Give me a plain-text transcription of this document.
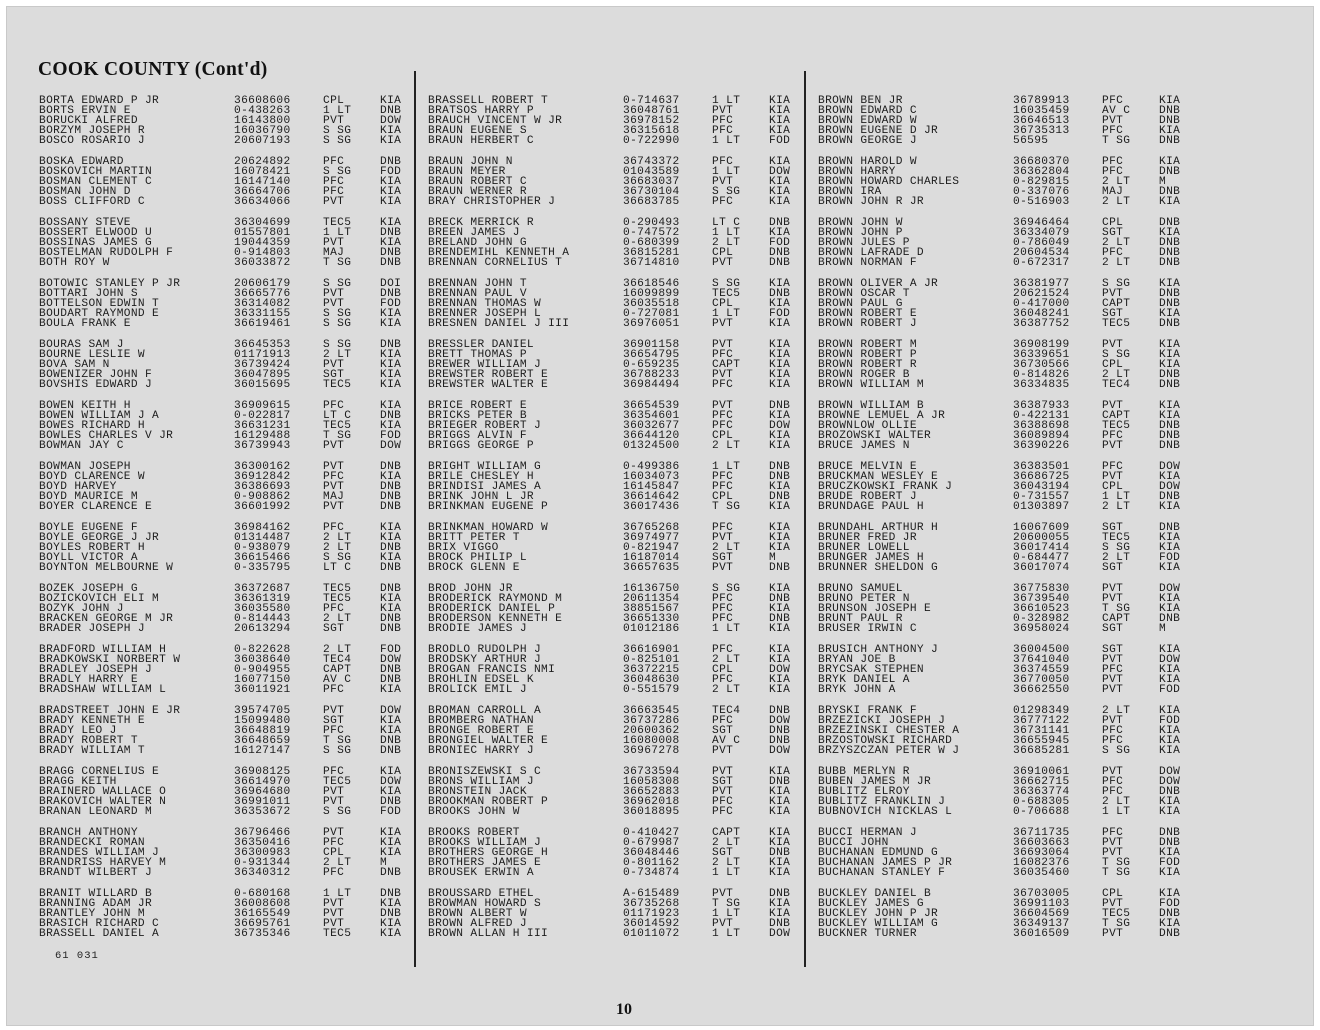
COOK COUNTY (Cont'd)
BORTA EDWARD P JR	36608606	CPL	KIA
BORTS ERVIN E	0-438263	1 LT	DNB
BORUCKI ALFRED	16143800	PVT	DOW
BORZYM JOSEPH R	16036790	S SG	KIA
BOSCO ROSARIO J	20607193	S SG	KIA
BOSKA EDWARD	20624892	PFC	DNB
BOSKOVICH MARTIN	16078421	S SG	FOD
BOSMAN CLEMENT C	16147140	PFC	KIA
BOSMAN JOHN D	36664706	PFC	KIA
BOSS CLIFFORD C	36634066	PVT	KIA
BOSSANY STEVE	36304699	TEC5	KIA
BOSSERT ELWOOD U	01557801	1 LT	DNB
BOSSINAS JAMES G	19044359	PVT	KIA
BOSTELMAN RUDOLPH F	0-914803	MAJ	DNB
BOTH ROY W	36033872	T SG	DNB
BOTOWIC STANLEY P JR	20606179	S SG	DOI
BOTTARI JOHN S	36665776	PVT	DNB
BOTTELSON EDWIN T	36314082	PVT	FOD
BOUDART RAYMOND E	36331155	S SG	KIA
BOULA FRANK E	36619461	S SG	KIA
BOURAS SAM J	36645353	S SG	DNB
BOURNE LESLIE W	01171913	2 LT	KIA
BOVA SAM N	36739424	PVT	KIA
BOWENIZER JOHN F	36047895	SGT	KIA
BOVSHIS EDWARD J	36015695	TEC5	KIA
BOWEN KEITH H	36909615	PFC	KIA
BOWEN WILLIAM J A	0-022817	LT C	DNB
BOWES RICHARD H	36631231	TEC5	KIA
BOWLES CHARLES V JR	16129488	T SG	FOD
BOWMAN JAY C	36739943	PVT	DOW
BOWMAN JOSEPH	36300162	PVT	DNB
BOYD CLARENCE W	36912842	PFC	KIA
BOYD HARVEY	36386693	PVT	DNB
BOYD MAURICE M	0-908862	MAJ	DNB
BOYER CLARENCE E	36601992	PVT	DNB
BOYLE EUGENE F	36984162	PFC	KIA
BOYLE GEORGE J JR	01314487	2 LT	KIA
BOYLES ROBERT H	0-938079	2 LT	DNB
BOYLL VICTOR A	36615466	S SG	KIA
BOYNTON MELBOURNE W	0-335795	LT C	DNB
BOZEK JOSEPH G	36372687	TEC5	DNB
BOZICKOVICH ELI M	36361319	TEC5	KIA
BOZYK JOHN J	36035580	PFC	KIA
BRACKEN GEORGE M JR	0-814443	2 LT	DNB
BRADER JOSEPH J	20613294	SGT	DNB
BRADFORD WILLIAM H	0-822628	2 LT	FOD
BRADKOWSKI NORBERT W	36038640	TEC4	DOW
BRADLEY JOSEPH J	0-904955	CAPT	DNB
BRADLY HARRY E	16077150	AV C	DNB
BRADSHAW WILLIAM L	36011921	PFC	KIA
BRADSTREET JOHN E JR	39574705	PVT	DOW
BRADY KENNETH E	15099480	SGT	KIA
BRADY LEO J	36648819	PFC	KIA
BRADY ROBERT T	36648659	T SG	DNB
BRADY WILLIAM T	16127147	S SG	DNB
BRAGG CORNELIUS E	36908125	PFC	KIA
BRAGG KEITH	36614970	TEC5	DOW
BRAINERD WALLACE O	36964680	PVT	KIA
BRAKOVICH WALTER N	36991011	PVT	DNB
BRANAN LEONARD M	36353672	S SG	FOD
BRANCH ANTHONY	36796466	PVT	KIA
BRANDECKI ROMAN	36350416	PFC	KIA
BRANDES WILLIAM J	36300983	CPL	KIA
BRANDRISS HARVEY M	0-931344	2 LT	M
BRANDT WILBERT J	36340312	PFC	DNB
BRANIT WILLARD B	0-680168	1 LT	DNB
BRANNING ADAM JR	36008608	PVT	KIA
BRANTLEY JOHN M	36165549	PVT	DNB
BRASICH RICHARD C	36695761	PVT	KIA
BRASSELL DANIEL A	36735346	TEC5	KIA
BRASSELL ROBERT T	0-714637	1 LT	KIA
BRATSOS HARRY P	36048761	PVT	KIA
BRAUCH VINCENT W JR	36978152	PFC	KIA
BRAUN EUGENE S	36315618	PFC	KIA
BRAUN HERBERT C	0-722990	1 LT	FOD
BRAUN JOHN N	36743372	PFC	KIA
BRAUN MEYER	01043589	1 LT	DOW
BRAUN ROBERT C	36683037	PVT	KIA
BRAUN WERNER R	36730104	S SG	KIA
BRAY CHRISTOPHER J	36683785	PFC	KIA
BRECK MERRICK R	0-290493	LT C	DNB
BREEN JAMES J	0-747572	1 LT	KIA
BRELAND JOHN G	0-680399	2 LT	FOD
BRENDEMIHL KENNETH A	36815281	CPL	DNB
BRENNAN CORNELIUS T	36714810	PVT	DNB
BRENNAN JOHN T	36618546	S SG	KIA
BRENNAN PAUL V	16099899	TEC5	DNB
BRENNAN THOMAS W	36035518	CPL	KIA
BRENNER JOSEPH L	0-727081	1 LT	FOD
BRESNEN DANIEL J III	36976051	PVT	KIA
BRESSLER DANIEL	36901158	PVT	KIA
BRETT THOMAS P	36654795	PFC	KIA
BREWER WILLIAM J	0-659235	CAPT	KIA
BREWSTER ROBERT E	36788233	PVT	KIA
BREWSTER WALTER E	36984494	PFC	KIA
BRICE ROBERT E	36654539	PVT	DNB
BRICKS PETER B	36354601	PFC	KIA
BRIEGER ROBERT J	36032677	PFC	DOW
BRIGGS ALVIN F	36644120	CPL	KIA
BRIGGS GEORGE P	01324500	2 LT	KIA
BRIGHT WILLIAM G	0-499386	1 LT	DNB
BRILE CHESLEY H	16034073	PFC	DNB
BRINDISI JAMES A	16145847	PFC	KIA
BRINK JOHN L JR	36614642	CPL	DNB
BRINKMAN EUGENE P	36017436	T SG	KIA
BRINKMAN HOWARD W	36765268	PFC	KIA
BRITT PETER T	36974977	PVT	KIA
BRIX VIGGO	0-821947	2 LT	KIA
BROCK PHILIP L	16187014	SGT	M
BROCK GLENN E	36657635	PVT	DNB
BROD JOHN JR	16136750	S SG	KIA
BRODERICK RAYMOND M	20611354	PFC	DNB
BRODERICK DANIEL P	38851567	PFC	KIA
BRODERSON KENNETH E	36651330	PFC	DNB
BRODIE JAMES J	01012186	1 LT	KIA
BRODLO RUDOLPH J	36616901	PFC	KIA
BRODSKY ARTHUR J	0-825101	2 LT	KIA
BROGAN FRANCIS NMI	36372215	CPL	DOW
BROHLIN EDSEL K	36048630	PFC	KIA
BROLICK EMIL J	0-551579	2 LT	KIA
BROMAN CARROLL A	36663545	TEC4	DNB
BROMBERG NATHAN	36737286	PFC	DOW
BRONGE ROBERT E	20600362	SGT	DNB
BRONGIEL WALTER E	16080008	AV C	DNB
BRONIEC HARRY J	36967278	PVT	DOW
BRONISZEWSKI S C	36733594	PVT	KIA
BRONS WILLIAM J	16058308	SGT	DNB
BRONSTEIN JACK	36652883	PVT	KIA
BROOKMAN ROBERT P	36962018	PFC	KIA
BROOKS JOHN W	36018895	PFC	KIA
BROOKS ROBERT	0-410427	CAPT	KIA
BROOKS WILLIAM J	0-679987	2 LT	KIA
BROTHERS GEORGE H	36048446	SGT	DNB
BROTHERS JAMES E	0-801162	2 LT	KIA
BROUSEK ERWIN A	0-734874	1 LT	KIA
BROUSSARD ETHEL	A-615489	PVT	DNB
BROWMAN HOWARD S	36735268	T SG	KIA
BROWN ALBERT W	01171923	1 LT	KIA
BROWN ALFRED J	36014592	PVT	DNB
BROWN ALLAN H III	01011072	1 LT	DOW
BROWN BEN JR	36789913	PFC	KIA
BROWN EDWARD C	16035459	AV C	DNB
BROWN EDWARD W	36646513	PVT	DNB
BROWN EUGENE D JR	36735313	PFC	KIA
BROWN GEORGE J	56595	T SG	DNB
BROWN HAROLD W	36680370	PFC	KIA
BROWN HARRY	36362804	PFC	DNB
BROWN HOWARD CHARLES	0-829815	2 LT	M
BROWN IRA	0-337076	MAJ	DNB
BROWN JOHN R JR	0-516903	2 LT	KIA
BROWN JOHN W	36946464	CPL	DNB
BROWN JOHN P	36334079	SGT	KIA
BROWN JULES P	0-786049	2 LT	DNB
BROWN LAFRADE D	20604534	PFC	DNB
BROWN NORMAN F	0-672317	2 LT	DNB
BROWN OLIVER A JR	36381977	S SG	KIA
BROWN OSCAR T	20621524	PVT	DNB
BROWN PAUL G	0-417000	CAPT	DNB
BROWN ROBERT E	36048241	SGT	KIA
BROWN ROBERT J	36387752	TEC5	DNB
BROWN ROBERT M	36908199	PVT	KIA
BROWN ROBERT P	36339651	S SG	KIA
BROWN ROBERT R	36730566	CPL	KIA
BROWN ROGER B	0-814826	2 LT	DNB
BROWN WILLIAM M	36334835	TEC4	DNB
BROWN WILLIAM B	36387933	PVT	KIA
BROWNE LEMUEL A JR	0-422131	CAPT	KIA
BROWNLOW OLLIE	36388698	TEC5	DNB
BROZOWSKI WALTER	36089894	PFC	DNB
BRUCE JAMES N	36390226	PVT	DNB
BRUCE MELVIN E	36383501	PFC	DOW
BRUCKMAN WESLEY E	36686725	PVT	KIA
BRUCZKOWSKI FRANK J	36043194	CPL	DOW
BRUDE ROBERT J	0-731557	1 LT	DNB
BRUNDAGE PAUL H	01303897	2 LT	KIA
BRUNDAHL ARTHUR H	16067609	SGT	DNB
BRUNER FRED JR	20600055	TEC5	KIA
BRUNER LOWELL	36017414	S SG	KIA
BRUNGER JAMES H	0-684477	2 LT	FOD
BRUNNER SHELDON G	36017074	SGT	KIA
BRUNO SAMUEL	36775830	PVT	DOW
BRUNO PETER N	36739540	PVT	KIA
BRUNSON JOSEPH E	36610523	T SG	KIA
BRUNT PAUL R	0-328982	CAPT	DNB
BRUSER IRWIN C	36958024	SGT	M
BRUSICH ANTHONY J	36004500	SGT	KIA
BRYAN JOE B	37641040	PVT	DOW
BRYCSAK STEPHEN	36374559	PFC	KIA
BRYK DANIEL A	36770050	PVT	KIA
BRYK JOHN A	36662550	PVT	FOD
BRYSKI FRANK F	01298349	2 LT	KIA
BRZEZICKI JOSEPH J	36777122	PVT	FOD
BRZEZINSKI CHESTER A	36731141	PFC	KIA
BRZOSTOWSKI RICHARD	36655945	PFC	KIA
BRZYSZCZAN PETER W J	36685281	S SG	KIA
BUBB MERLYN R	36910061	PVT	DOW
BUBEN JAMES M JR	36662715	PFC	DOW
BUBLITZ ELROY	36363774	PFC	DNB
BUBLITZ FRANKLIN J	0-688305	2 LT	KIA
BUBNOVICH NICKLAS L	0-706688	1 LT	KIA
BUCCI HERMAN J	36711735	PFC	DNB
BUCCI JOHN	36603663	PVT	DNB
BUCHANAN EDMUND G	36693064	PVT	KIA
BUCHANAN JAMES P JR	16082376	T SG	FOD
BUCHANAN STANLEY F	36035460	T SG	KIA
BUCKLEY DANIEL B	36703005	CPL	KIA
BUCKLEY JAMES G	36991103	PVT	FOD
BUCKLEY JOHN P JR	36604569	TEC5	DNB
BUCKLEY WILLIAM G	36349137	T SG	KIA
BUCKNER TURNER	36016509	PVT	DNB
61 031
10
